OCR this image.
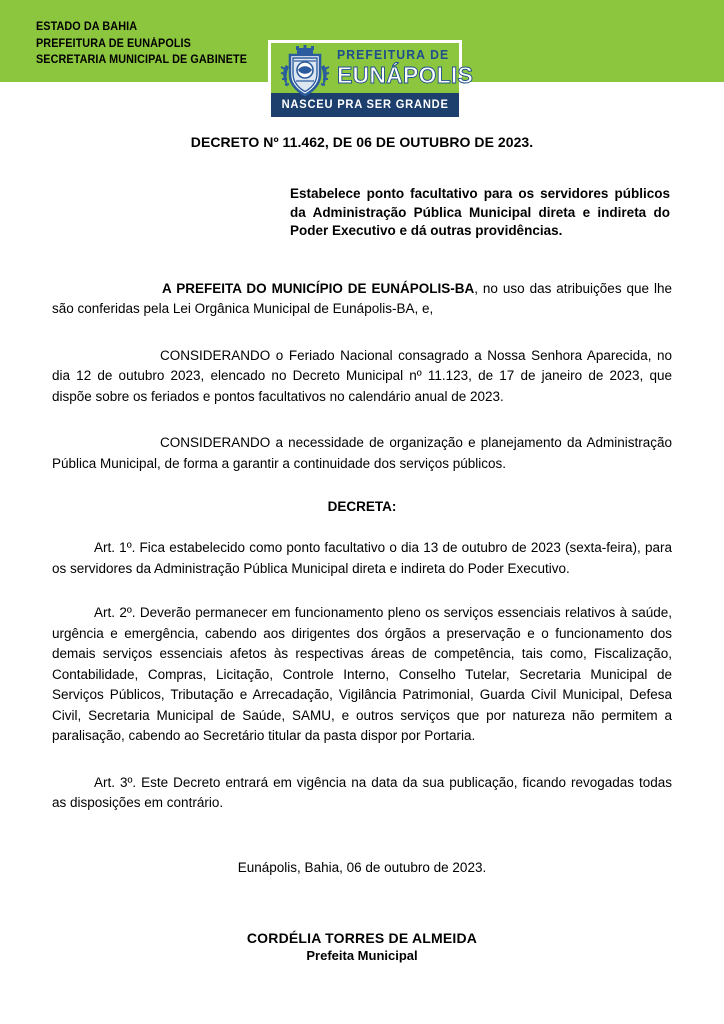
ESTADO DA BAHIA
PREFEITURA DE EUNÁPOLIS
SECRETARIA MUNICIPAL DE GABINETE	PREFEITURA DE
EUNÁPOLIS
NASCEU PRA SER GRANDE
DECRETO Nº 11.462, DE 06 DE OUTUBRO DE 2023.
Estabelece ponto facultativo para os servidores públicos da Administração Pública Municipal direta e indireta do Poder Executivo e dá outras providências.
A PREFEITA DO MUNICÍPIO DE EUNÁPOLIS-BA, no uso das atribuições que lhe são conferidas pela Lei Orgânica Municipal de Eunápolis-BA, e,
CONSIDERANDO o Feriado Nacional consagrado a Nossa Senhora Aparecida, no dia 12 de outubro 2023, elencado no Decreto Municipal nº 11.123, de 17 de janeiro de 2023, que dispõe sobre os feriados e pontos facultativos no calendário anual de 2023.
CONSIDERANDO a necessidade de organização e planejamento da Administração Pública Municipal, de forma a garantir a continuidade dos serviços públicos.
DECRETA:
Art. 1º. Fica estabelecido como ponto facultativo o dia 13 de outubro de 2023 (sexta-feira), para os servidores da Administração Pública Municipal direta e indireta do Poder Executivo.
Art. 2º. Deverão permanecer em funcionamento pleno os serviços essenciais relativos à saúde, urgência e emergência, cabendo aos dirigentes dos órgãos a preservação e o funcionamento dos demais serviços essenciais afetos às respectivas áreas de competência, tais como, Fiscalização, Contabilidade, Compras, Licitação, Controle Interno, Conselho Tutelar, Secretaria Municipal de Serviços Públicos, Tributação e Arrecadação, Vigilância Patrimonial, Guarda Civil Municipal, Defesa Civil, Secretaria Municipal de Saúde, SAMU, e outros serviços que por natureza não permitem a paralisação, cabendo ao Secretário titular da pasta dispor por Portaria.
Art. 3º. Este Decreto entrará em vigência na data da sua publicação, ficando revogadas todas as disposições em contrário.
Eunápolis, Bahia, 06 de outubro de 2023.
CORDÉLIA TORRES DE ALMEIDA
Prefeita Municipal
